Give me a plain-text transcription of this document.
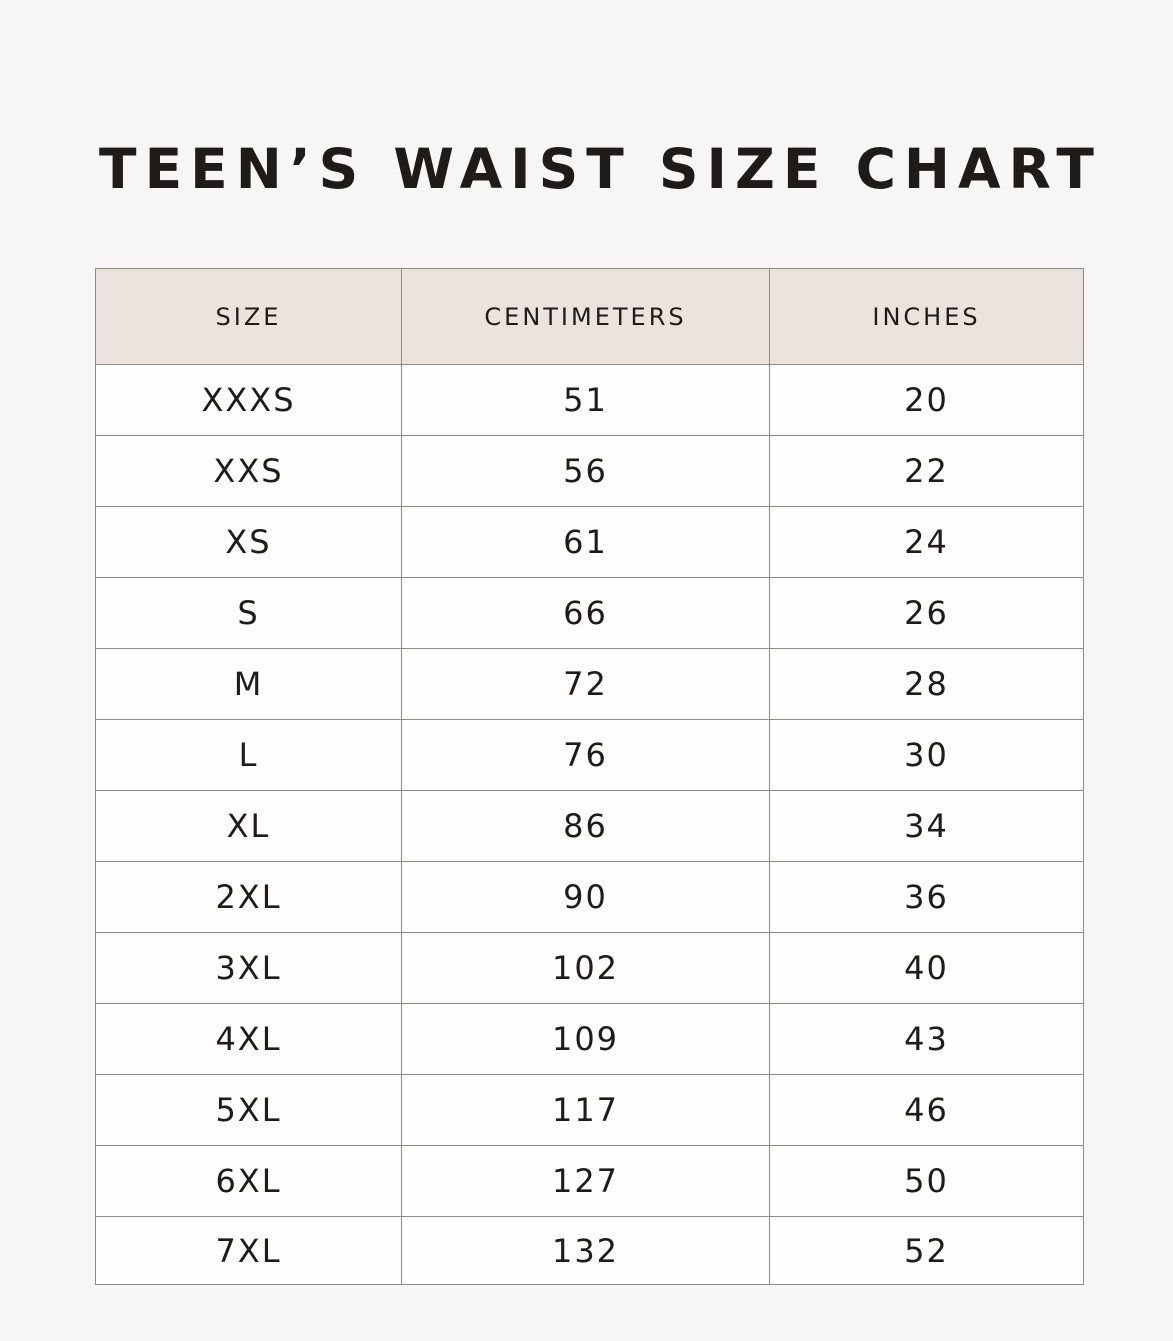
TEEN’S WAIST SIZE CHART
SIZE	CENTIMETERS	INCHES
XXXS	51	20
XXS	56	22
XS	61	24
S	66	26
M	72	28
L	76	30
XL	86	34
2XL	90	36
3XL	102	40
4XL	109	43
5XL	117	46
6XL	127	50
7XL	132	52
